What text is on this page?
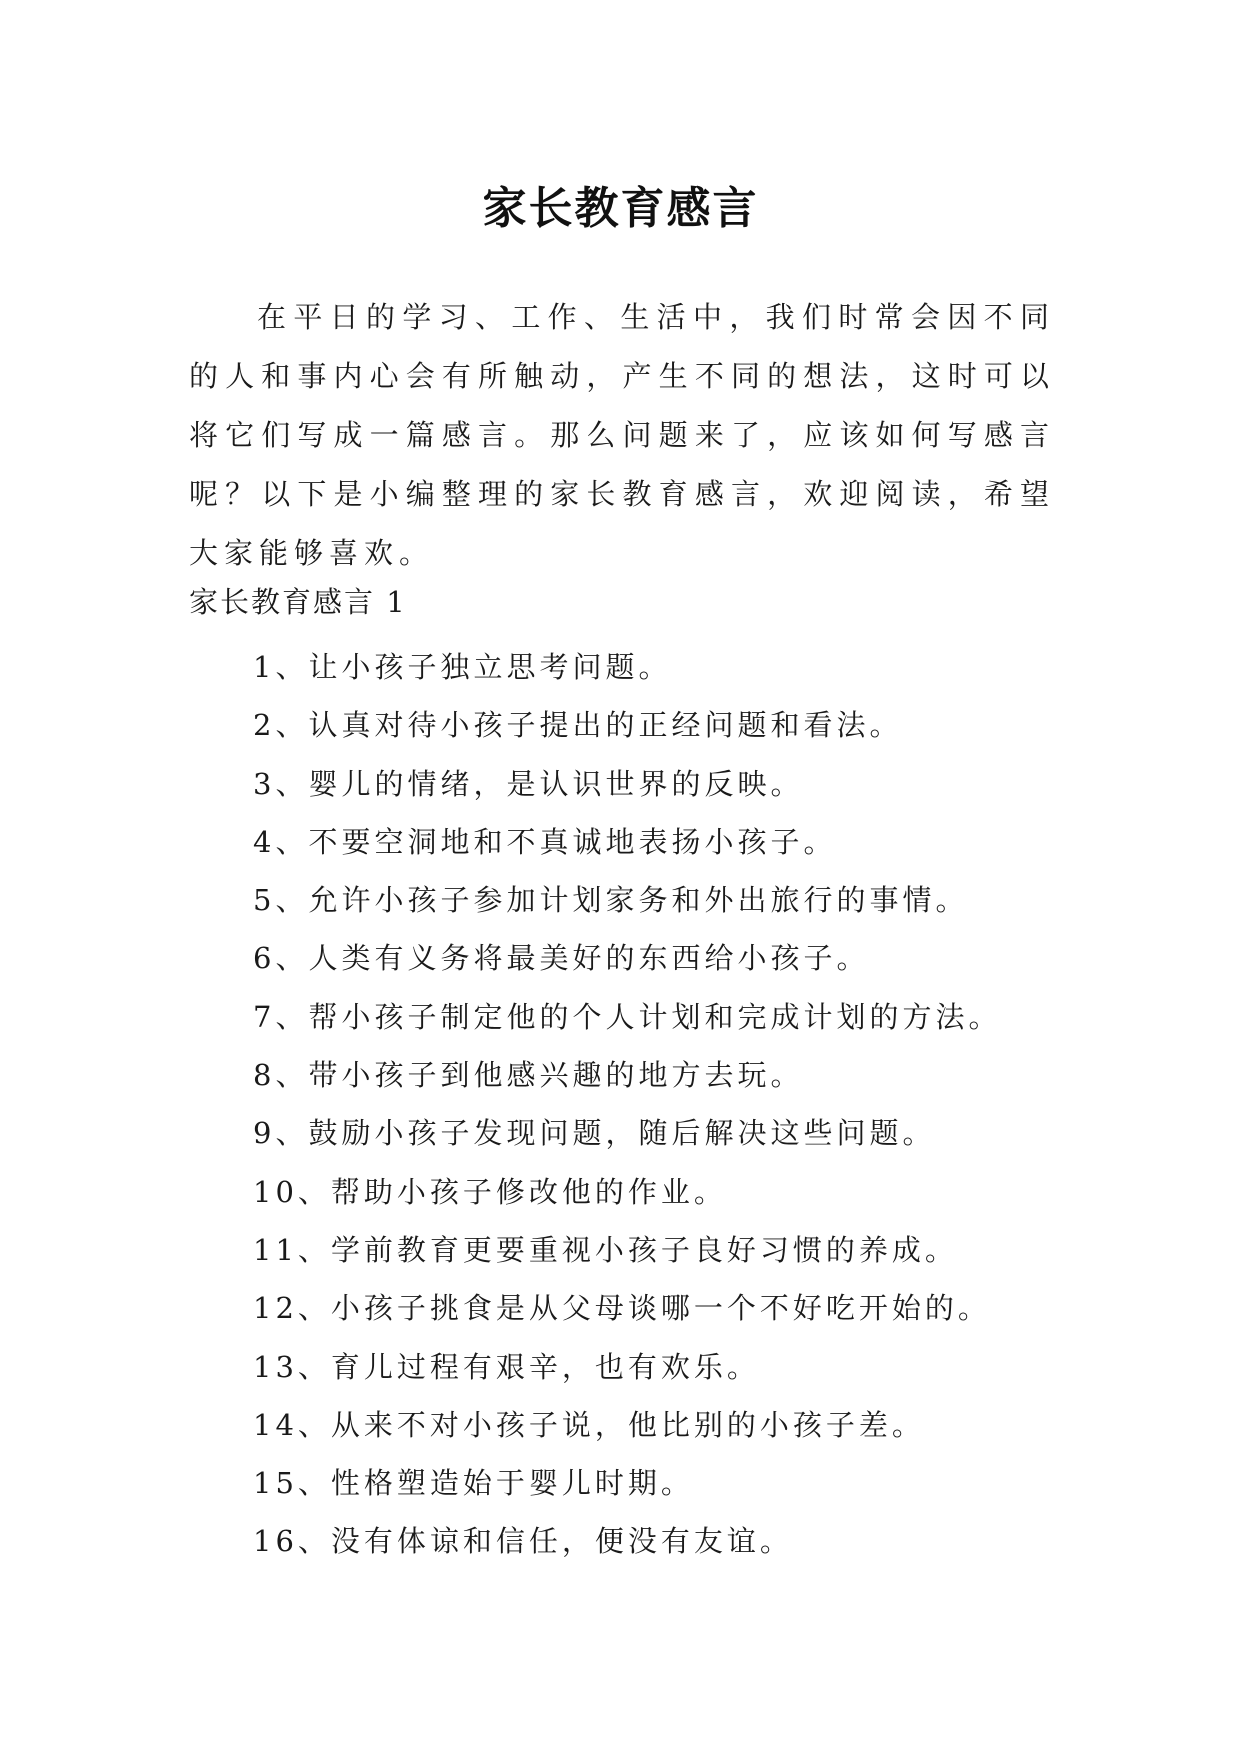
家长教育感言

在平日的学习、工作、生活中，我们时常会因不同的人和事内心会有所触动，产生不同的想法，这时可以将它们写成一篇感言。那么问题来了，应该如何写感言呢？以下是小编整理的家长教育感言，欢迎阅读，希望大家能够喜欢。

家长教育感言 1

1、让小孩子独立思考问题。
2、认真对待小孩子提出的正经问题和看法。
3、婴儿的情绪，是认识世界的反映。
4、不要空洞地和不真诚地表扬小孩子。
5、允许小孩子参加计划家务和外出旅行的事情。
6、人类有义务将最美好的东西给小孩子。
7、帮小孩子制定他的个人计划和完成计划的方法。
8、带小孩子到他感兴趣的地方去玩。
9、鼓励小孩子发现问题，随后解决这些问题。
10、帮助小孩子修改他的作业。
11、学前教育更要重视小孩子良好习惯的养成。
12、小孩子挑食是从父母谈哪一个不好吃开始的。
13、育儿过程有艰辛，也有欢乐。
14、从来不对小孩子说，他比别的小孩子差。
15、性格塑造始于婴儿时期。
16、没有体谅和信任，便没有友谊。
